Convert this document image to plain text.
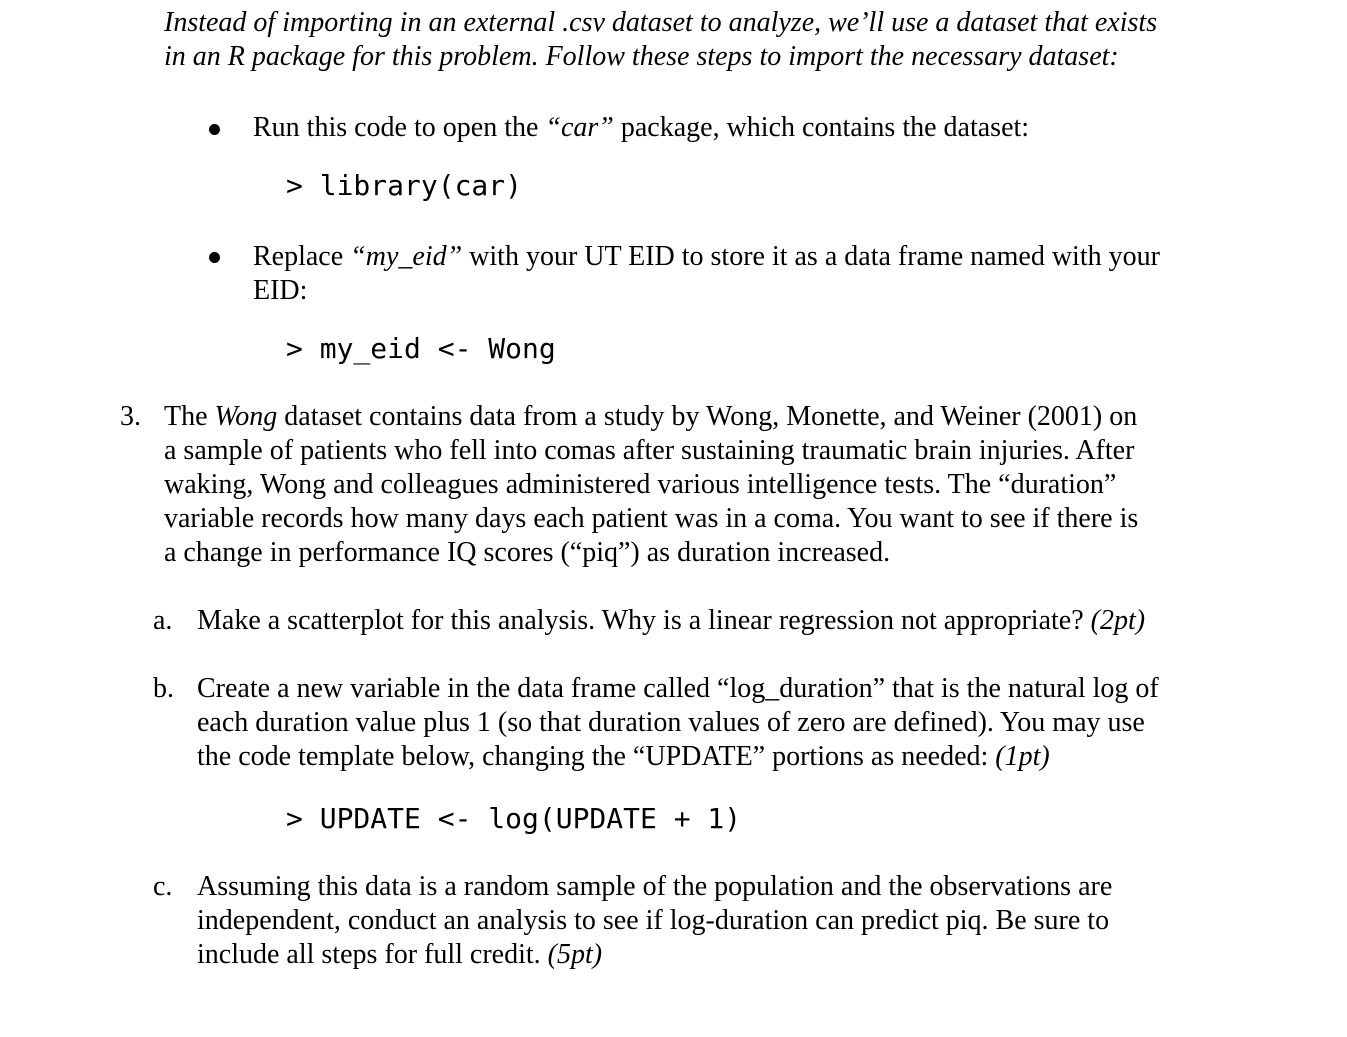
Instead of importing in an external .csv dataset to analyze, we’ll use a dataset that exists
in an R package for this problem. Follow these steps to import the necessary dataset:
Run this code to open the “car” package, which contains the dataset:
> library(car)
Replace “my_eid” with your UT EID to store it as a data frame named with your
EID:
> my_eid <- Wong
3. The Wong dataset contains data from a study by Wong, Monette, and Weiner (2001) on
a sample of patients who fell into comas after sustaining traumatic brain injuries. After
waking, Wong and colleagues administered various intelligence tests. The “duration”
variable records how many days each patient was in a coma. You want to see if there is
a change in performance IQ scores (“piq”) as duration increased.
a. Make a scatterplot for this analysis. Why is a linear regression not appropriate? (2pt)
b. Create a new variable in the data frame called “log_duration” that is the natural log of
each duration value plus 1 (so that duration values of zero are defined). You may use
the code template below, changing the “UPDATE” portions as needed: (1pt)
> UPDATE <- log(UPDATE + 1)
c. Assuming this data is a random sample of the population and the observations are
independent, conduct an analysis to see if log-duration can predict piq. Be sure to
include all steps for full credit. (5pt)
